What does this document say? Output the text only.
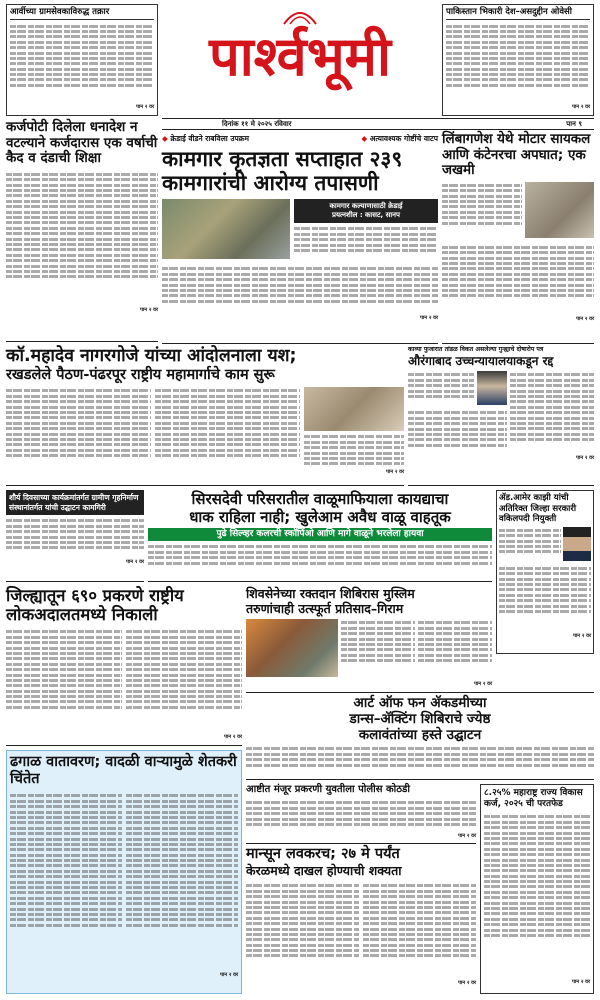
आर्वीच्या ग्रामसेवकाविरुद्ध तक्रार
पान २ वर
पार्श्वभूमी
पाकिस्तान भिकारी देश–असदुद्दीन ओवेसी
पान २ वर
दिनांक ११ मे २०२५ रविवार	पान ९
कर्जपोटी दिलेला धनादेश न वटल्याने कर्जदारास एक वर्षाची कैद व दंडाची शिक्षा
पान २ वर
◆ क्रेडाई वीडने राबविला उपक्रम	◆ अत्यावश्यक गोष्टींचे वाटप
कामगार कृतज्ञता सप्ताहात २३९
कामगारांची आरोग्य तपासणी
कामगार कल्याणासाठी क्रेडाई
प्रयत्नशील : कासट, सानप
पान २ वर
लिंबागणेश येथे मोटार सायकल आणि कंटेनरचा अपघात; एक जखमी
पान २ वर
कॉ.महादेव नागरगोजे यांच्या आंदोलनाला यश;
रखडलेले पैठण-पंढरपूर राष्ट्रीय महामार्गाचे काम सुरू
पान २ वर
काव्या फुजारात तांडळ विकत असलेल्या गुन्ह्याचे दोषारोप पत्र
औरंगाबाद उच्चन्यायालयाकडून रद्द
पान २ वर
शौर्य दिवसाच्या कार्यक्रमांतर्गत ग्रामीण गृहनिर्माण संस्थानांतर्गत यांची उद्घाटन कामगिरी
पान २ वर
सिरसदेवी परिसरातील वाळूमाफियाला कायद्याचा
धाक राहिला नाही; खुलेआम अवैध वाळू वाहतूक
पुढे सिल्व्हर कलरची स्कॉर्पिओ आणि मागे वाळूने भरलेला हायवा
ॲड.आमेर काझी यांची अतिरिक्त जिल्हा सरकारी वकिलपदी नियुक्ती
पान २ वर
जिल्ह्यातून ६९० प्रकरणे राष्ट्रीय लोकअदालतमध्ये निकाली
पान २ वर
शिवसेनेच्या रक्तदान शिबिरास मुस्लिम
तरुणांचाही उत्स्फूर्त प्रतिसाद–गिराम
पान २ वर
आर्ट ऑफ फन ॲकडमीच्या
डान्स–ॲक्टिंग शिबिराचे ज्येष्ठ
कलावंतांच्या हस्ते उद्घाटन
ढगाळ वातावरण; वादळी वाऱ्यामुळे शेतकरी चिंतेत
पान २ वर
आष्टीत मंजूर प्रकरणी युवतीला पोलीस कोठडी
पान २ वर
मान्सून लवकरच; २७ मे पर्यंत
केरळमध्ये दाखल होण्याची शक्यता
पान २ वर
८.२५% महाराष्ट्र राज्य विकास कर्ज, २०२५ ची परतफेड
पान २ वर
